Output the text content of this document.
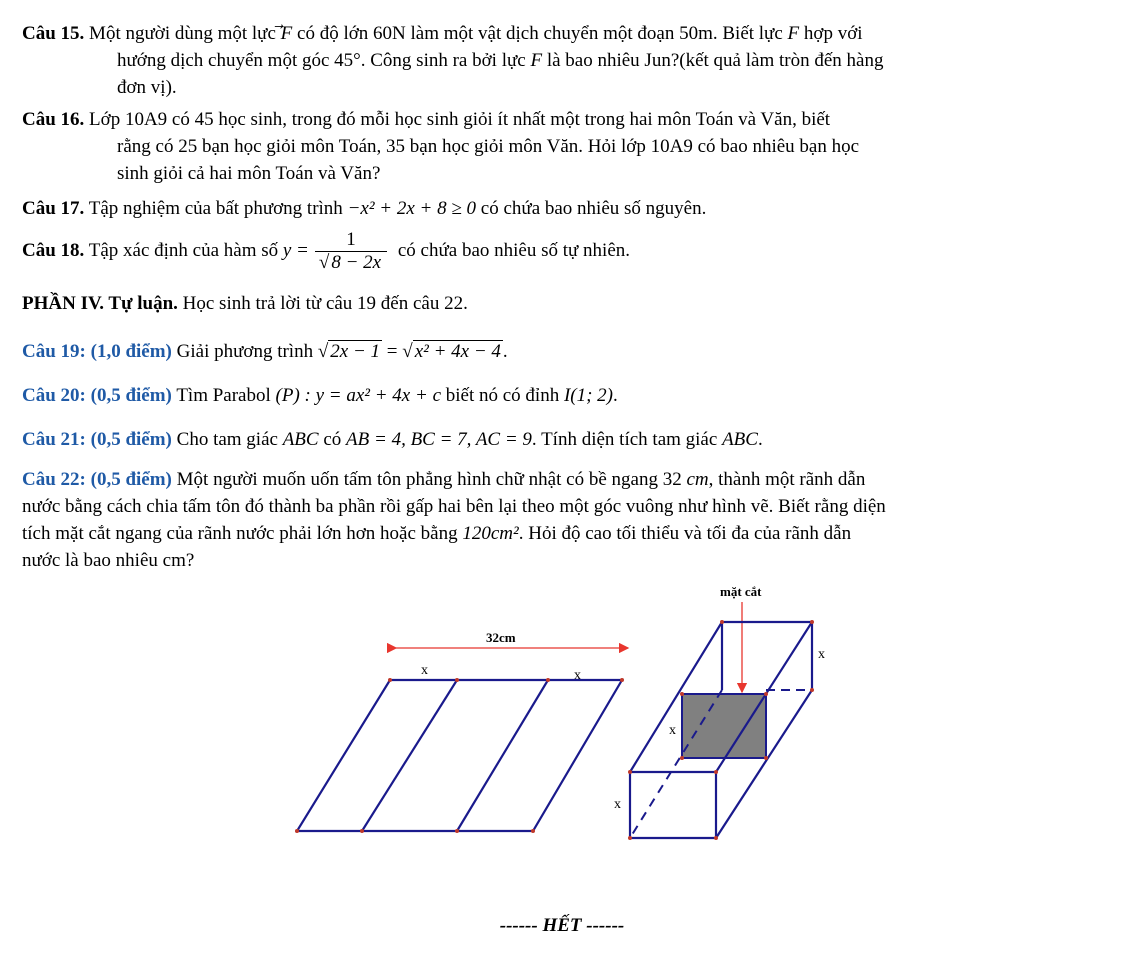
Câu 15. Một người dùng một lực F có độ lớn 60N làm một vật dịch chuyển một đoạn 50m. Biết lực F hợp với
hướng dịch chuyển một góc 45°. Công sinh ra bởi lực F là bao nhiêu Jun?(kết quả làm tròn đến hàng
đơn vị).
Câu 16. Lớp 10A9 có 45 học sinh, trong đó mỗi học sinh giỏi ít nhất một trong hai môn Toán và Văn, biết
rằng có 25 bạn học giỏi môn Toán, 35 bạn học giỏi môn Văn. Hỏi lớp 10A9 có bao nhiêu bạn học
sinh giỏi cả hai môn Toán và Văn?
Câu 17. Tập nghiệm của bất phương trình −x² + 2x + 8 ≥ 0 có chứa bao nhiêu số nguyên.
Câu 18. Tập xác định của hàm số $y = \frac{1}{√ 8 - 2x}$ có chứa bao nhiêu số tự nhiên.
PHẦN IV. Tự luận. Học sinh trả lời từ câu 19 đến câu 22.
Câu 19: (1,0 điểm) Giải phương trình √ 2x − 1 = √ x² + 4x − 4 .
Câu 20: (0,5 điểm) Tìm Parabol (P) : y = ax² + 4x + c biết nó có đỉnh I(1; 2).
Câu 21: (0,5 điểm) Cho tam giác ABC có AB = 4, BC = 7, AC = 9. Tính diện tích tam giác ABC.
Câu 22: (0,5 điểm) Một người muốn uốn tấm tôn phẳng hình chữ nhật có bề ngang 32 cm, thành một rãnh dẫn
nước bằng cách chia tấm tôn đó thành ba phần rồi gấp hai bên lại theo một góc vuông như hình vẽ. Biết rằng diện
tích mặt cắt ngang của rãnh nước phải lớn hơn hoặc bằng 120cm². Hỏi độ cao tối thiểu và tối đa của rãnh dẫn
nước là bao nhiêu cm?
32cm
x	x
mặt cắt
x
x
x
------ HẾT ------
